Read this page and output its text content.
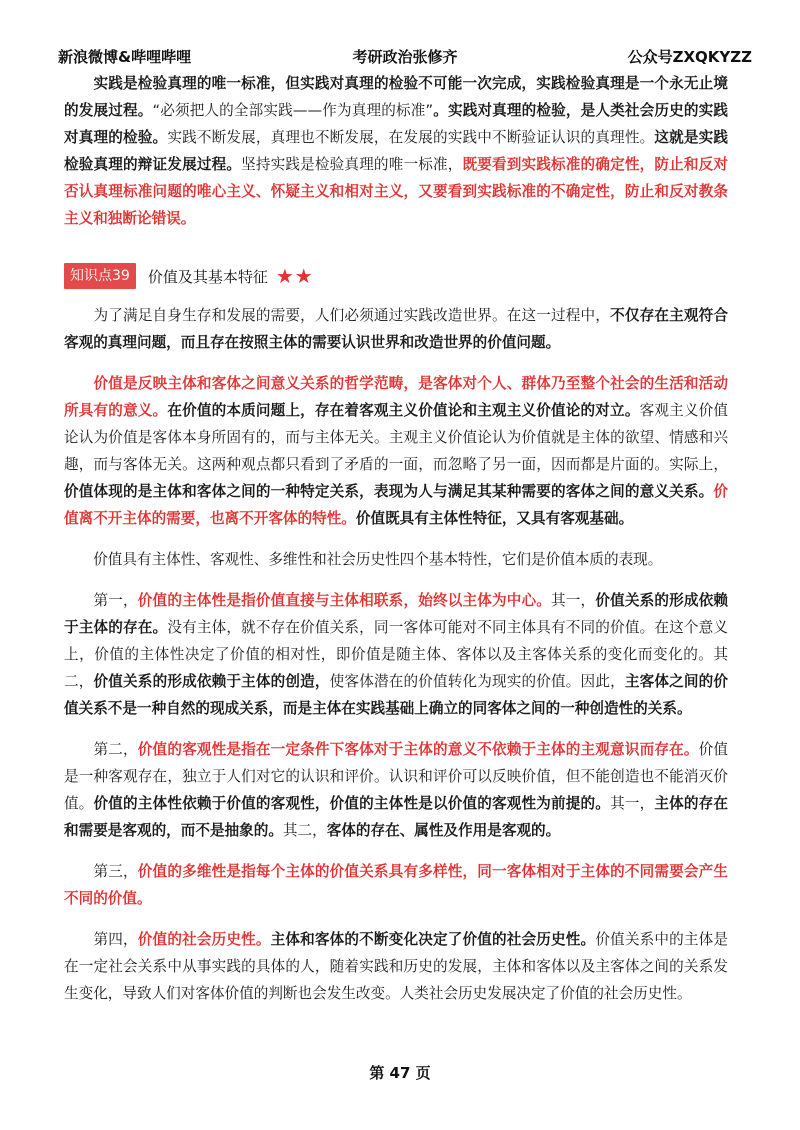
新浪微博&哔哩哔哩	考研政治张修齐	公众号ZXQKYZZ

　　实践是检验真理的唯一标准，但实践对真理的检验不可能一次完成，实践检验真理是一个永无止境的发展过程。“必须把人的全部实践——作为真理的标准”。实践对真理的检验，是人类社会历史的实践对真理的检验。实践不断发展，真理也不断发展，在发展的实践中不断验证认识的真理性。这就是实践检验真理的辩证发展过程。坚持实践是检验真理的唯一标准，既要看到实践标准的确定性，防止和反对否认真理标准问题的唯心主义、怀疑主义和相对主义，又要看到实践标准的不确定性，防止和反对教条主义和独断论错误。

知识点39	价值及其基本特征 ★★

　　为了满足自身生存和发展的需要，人们必须通过实践改造世界。在这一过程中，不仅存在主观符合客观的真理问题，而且存在按照主体的需要认识世界和改造世界的价值问题。

　　价值是反映主体和客体之间意义关系的哲学范畴，是客体对个人、群体乃至整个社会的生活和活动所具有的意义。在价值的本质问题上，存在着客观主义价值论和主观主义价值论的对立。客观主义价值论认为价值是客体本身所固有的，而与主体无关。主观主义价值论认为价值就是主体的欲望、情感和兴趣，而与客体无关。这两种观点都只看到了矛盾的一面，而忽略了另一面，因而都是片面的。实际上，价值体现的是主体和客体之间的一种特定关系，表现为人与满足其某种需要的客体之间的意义关系。价值离不开主体的需要，也离不开客体的特性。价值既具有主体性特征，又具有客观基础。

　　价值具有主体性、客观性、多维性和社会历史性四个基本特性，它们是价值本质的表现。

　　第一，价值的主体性是指价值直接与主体相联系，始终以主体为中心。其一，价值关系的形成依赖于主体的存在。没有主体，就不存在价值关系，同一客体可能对不同主体具有不同的价值。在这个意义上，价值的主体性决定了价值的相对性，即价值是随主体、客体以及主客体关系的变化而变化的。其二，价值关系的形成依赖于主体的创造，使客体潜在的价值转化为现实的价值。因此，主客体之间的价值关系不是一种自然的现成关系，而是主体在实践基础上确立的同客体之间的一种创造性的关系。

　　第二，价值的客观性是指在一定条件下客体对于主体的意义不依赖于主体的主观意识而存在。价值是一种客观存在，独立于人们对它的认识和评价。认识和评价可以反映价值，但不能创造也不能消灭价值。价值的主体性依赖于价值的客观性，价值的主体性是以价值的客观性为前提的。其一，主体的存在和需要是客观的，而不是抽象的。其二，客体的存在、属性及作用是客观的。

　　第三，价值的多维性是指每个主体的价值关系具有多样性，同一客体相对于主体的不同需要会产生不同的价值。

　　第四，价值的社会历史性。主体和客体的不断变化决定了价值的社会历史性。价值关系中的主体是在一定社会关系中从事实践的具体的人，随着实践和历史的发展，主体和客体以及主客体之间的关系发生变化，导致人们对客体价值的判断也会发生改变。人类社会历史发展决定了价值的社会历史性。

第 47 页
